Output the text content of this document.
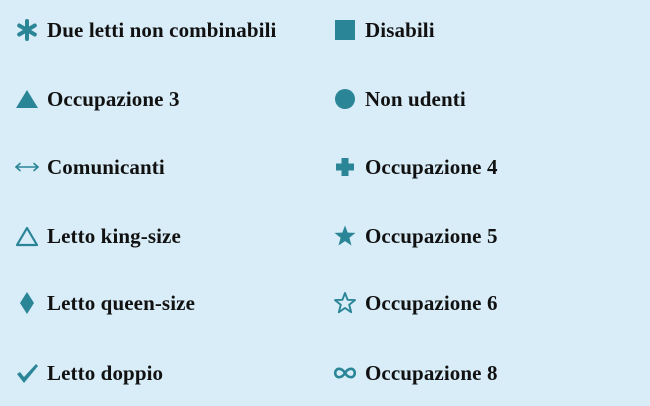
Due letti non combinabili
Occupazione 3
Comunicanti
Letto king-size
Letto queen-size
Letto doppio
Disabili
Non udenti
Occupazione 4
Occupazione 5
Occupazione 6
Occupazione 8
